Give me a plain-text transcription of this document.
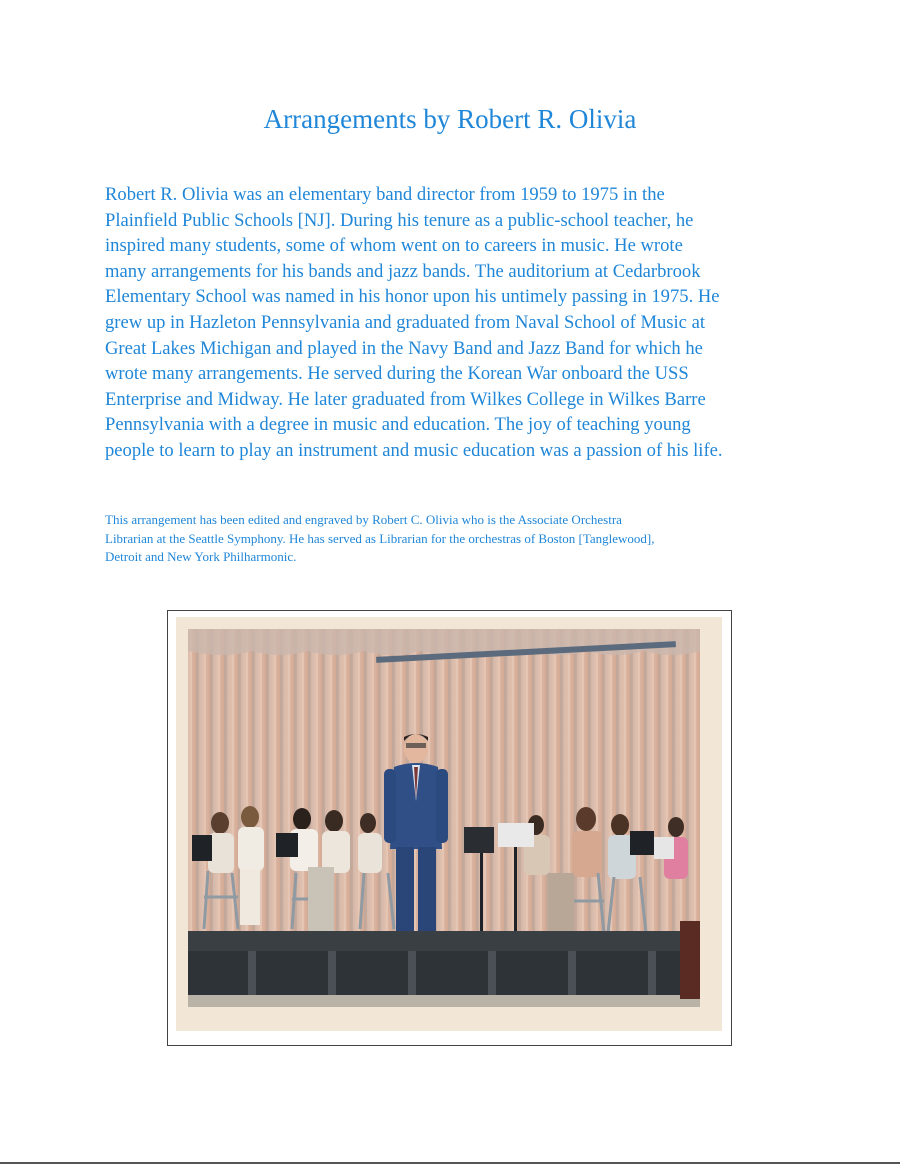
Arrangements by Robert R. Olivia

Robert R. Olivia was an elementary band director from 1959 to 1975 in the
Plainfield Public Schools [NJ]. During his tenure as a public-school teacher, he
inspired many students, some of whom went on to careers in music. He wrote
many arrangements for his bands and jazz bands. The auditorium at Cedarbrook
Elementary School was named in his honor upon his untimely passing in 1975. He
grew up in Hazleton Pennsylvania and graduated from Naval School of Music at
Great Lakes Michigan and played in the Navy Band and Jazz Band for which he
wrote many arrangements. He served during the Korean War onboard the USS
Enterprise and Midway. He later graduated from Wilkes College in Wilkes Barre
Pennsylvania with a degree in music and education. The joy of teaching young
people to learn to play an instrument and music education was a passion of his life.

This arrangement has been edited and engraved by Robert C. Olivia who is the Associate Orchestra
Librarian at the Seattle Symphony. He has served as Librarian for the orchestras of Boston [Tanglewood],
Detroit and New York Philharmonic.
